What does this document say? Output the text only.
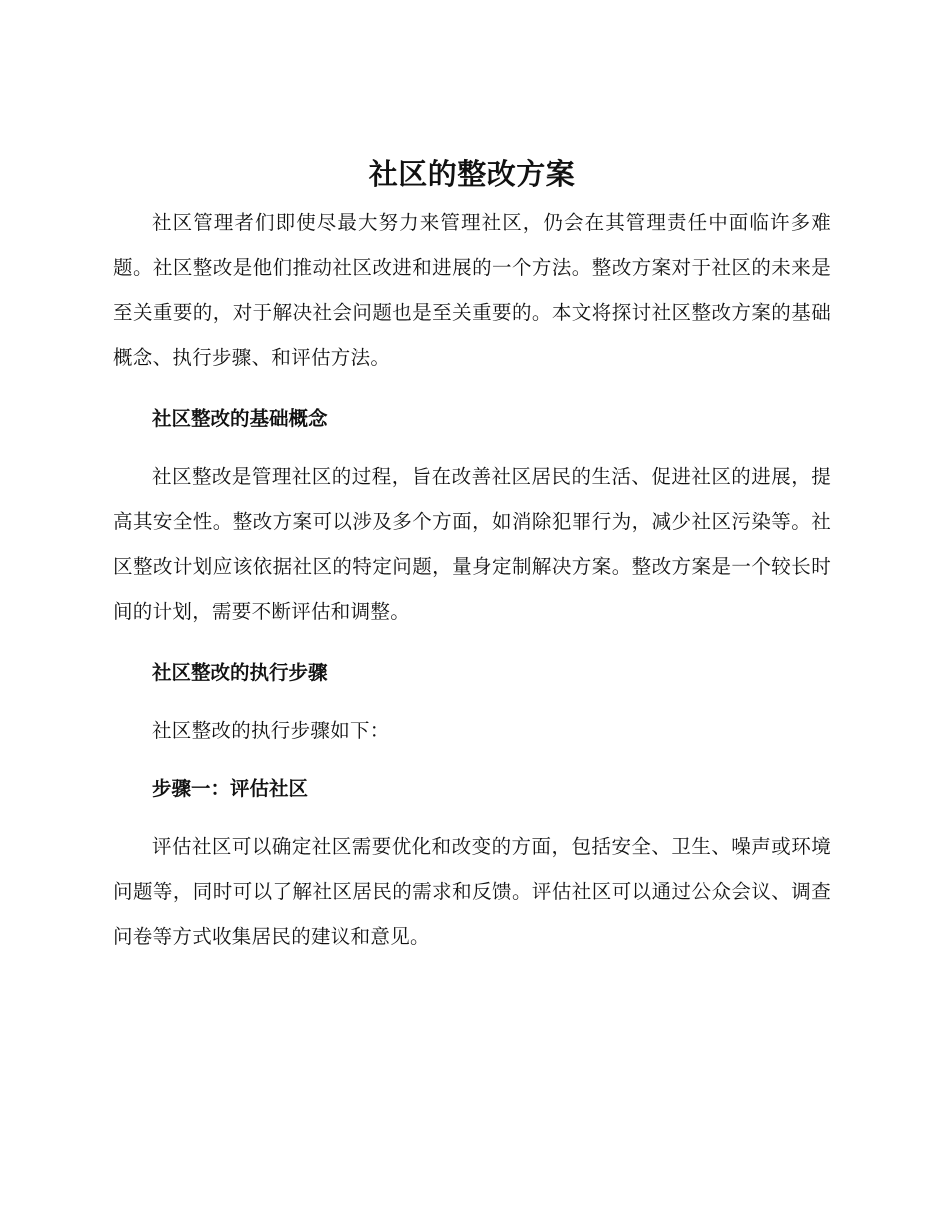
社区的整改方案

社区管理者们即使尽最大努力来管理社区，仍会在其管理责任中面临许多难题。社区整改是他们推动社区改进和进展的一个方法。整改方案对于社区的未来是至关重要的，对于解决社会问题也是至关重要的。本文将探讨社区整改方案的基础概念、执行步骤、和评估方法。

社区整改的基础概念

社区整改是管理社区的过程，旨在改善社区居民的生活、促进社区的进展，提高其安全性。整改方案可以涉及多个方面，如消除犯罪行为，减少社区污染等。社区整改计划应该依据社区的特定问题，量身定制解决方案。整改方案是一个较长时间的计划，需要不断评估和调整。

社区整改的执行步骤

社区整改的执行步骤如下：

步骤一：评估社区

评估社区可以确定社区需要优化和改变的方面，包括安全、卫生、噪声或环境问题等，同时可以了解社区居民的需求和反馈。评估社区可以通过公众会议、调查问卷等方式收集居民的建议和意见。
